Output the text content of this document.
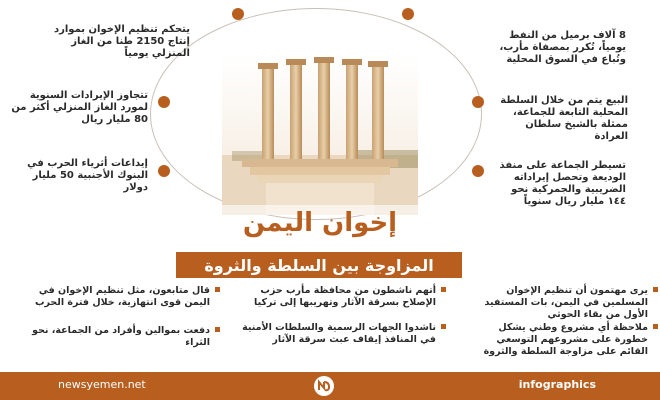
8 آلاف برميل من النفط يومياً، تُكرر بمصفاة مأرب، وتُباع في السوق المحلية
البيع يتم من خلال السلطة المحلية التابعة للجماعة، ممثلة بالشيخ سلطان العرادة
تسيطر الجماعة على منفذ الوديعة وتحصل إيراداته الضريبية والجمركية نحو ١٤٤ مليار ريال سنوياً
يتحكم تنظيم الإخوان بموارد إنتاج 2150 طنا من الغاز المنزلي يومياً
تتجاوز الإيرادات السنوية لمورد الغاز المنزلي أكثر من 80 مليار ريال
إيداعات أثرياء الحرب في البنوك الأجنبية 50 مليار دولار
إخوان اليمن
المزاوجة بين السلطة والثروة
يرى مهتمون أن تنظيم الإخوان المسلمين في اليمن، بات المستفيد الأول من بقاء الحوثي
ملاحظة أي مشروع وطني يشكل خطورة على مشروعهم التوسعي القائم على مزاوجة السلطة والثروة
أتهم ناشطون من محافظة مأرب حزب الإصلاح بسرقة الآثار وتهريبها إلى تركيا
ناشدوا الجهات الرسمية والسلطات الأمنية في المنافذ إيقاف عبث سرقة الآثار
قال متابعون، مثل تنظيم الإخوان في اليمن قوى انتهازية، خلال فترة الحرب
دفعت بموالين وأفراد من الجماعة، نحو الثراء
newsyemen.net	infographics
